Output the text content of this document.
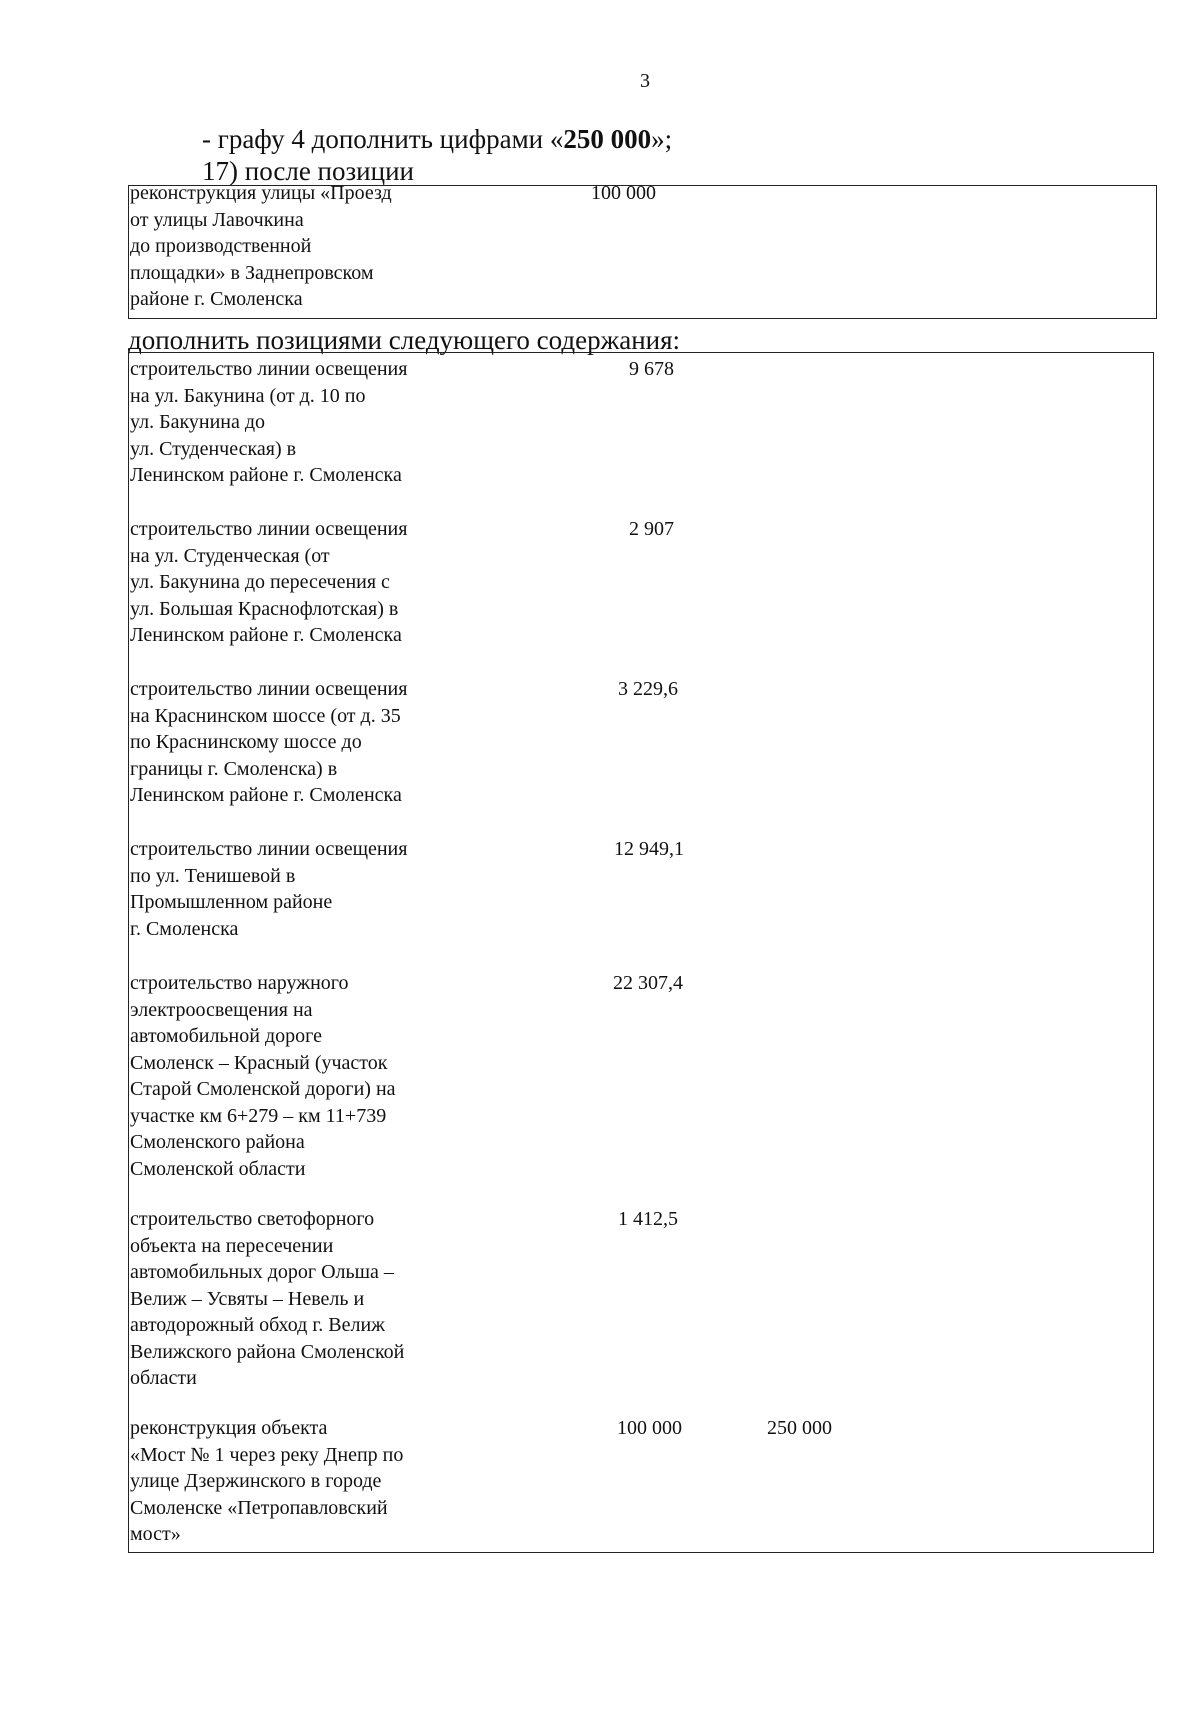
3
- графу 4 дополнить цифрами «250 000»;
17) после позиции
реконструкция улицы «Проезд
от улицы Лавочкина
до производственной
площадки» в Заднепровском
районе г. Смоленска
100 000
дополнить позициями следующего содержания:
строительство линии освещения
на ул. Бакунина (от д. 10 по
ул. Бакунина до
ул. Студенческая) в
Ленинском районе г. Смоленска
9 678
строительство линии освещения
на ул. Студенческая (от
ул. Бакунина до пересечения с
ул. Большая Краснофлотская) в
Ленинском районе г. Смоленска
2 907
строительство линии освещения
на Краснинском шоссе (от д. 35
по Краснинскому шоссе до
границы г. Смоленска) в
Ленинском районе г. Смоленска
3 229,6
строительство линии освещения
по ул. Тенишевой в
Промышленном районе
г. Смоленска
12 949,1
строительство наружного
электроосвещения на
автомобильной дороге
Смоленск – Красный (участок
Старой Смоленской дороги) на
участке км 6+279 – км 11+739
Смоленского района
Смоленской области
22 307,4
строительство светофорного
объекта на пересечении
автомобильных дорог Ольша –
Велиж – Усвяты – Невель и
автодорожный обход г. Велиж
Велижского района Смоленской
области
1 412,5
реконструкция объекта
«Мост № 1 через реку Днепр по
улице Дзержинского в городе
Смоленске «Петропавловский
мост»
100 000	250 000
